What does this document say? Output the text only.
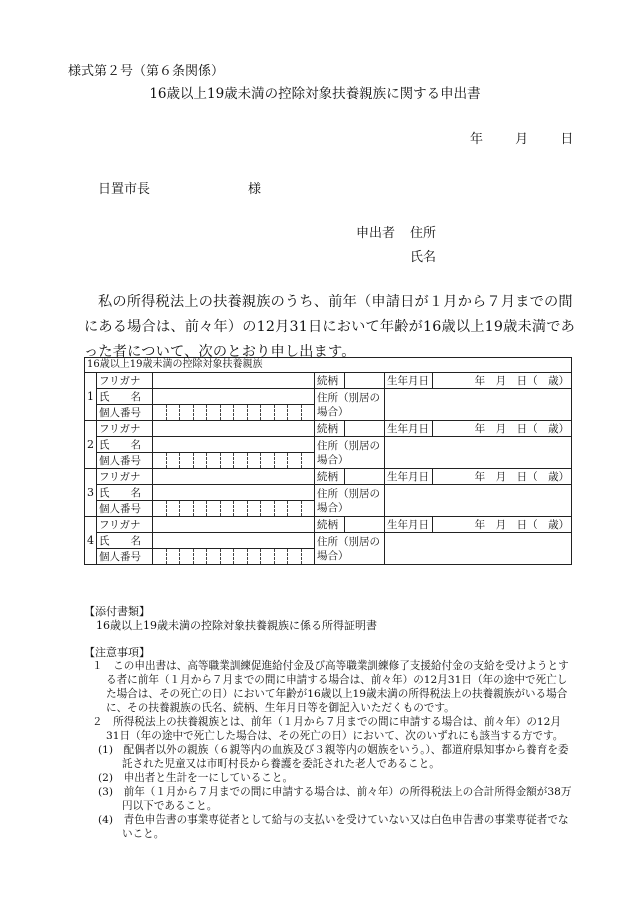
様式第２号（第６条関係）
16歳以上19歳未満の控除対象扶養親族に関する申出書
年 月 日
日置市長	様
申出者 住所
氏名
私の所得税法上の扶養親族のうち、前年（申請日が１月から７月までの間にある場合は、前々年）の12月31日において年齢が16歳以上19歳未満であった者について、次のとおり申し出ます。
16歳以上19歳未満の控除対象扶養親族						
1	フリガナ		続柄		生年月日	年　月　日（　歳）
	氏　　名		住所（別居の場合）			
	個人番号					

2	フリガナ		続柄		生年月日	年　月　日（　歳）
	氏　　名		住所（別居の場合）			
	個人番号					

3	フリガナ		続柄		生年月日	年　月　日（　歳）
	氏　　名		住所（別居の場合）			
	個人番号					

4	フリガナ		続柄		生年月日	年　月　日（　歳）
	氏　　名		住所（別居の場合）			
	個人番号					
【添付書類】
16歳以上19歳未満の控除対象扶養親族に係る所得証明書
【注意事項】

１　この申出書は、高等職業訓練促進給付金及び高等職業訓練修了支援給付金の支給を受けようとする者に前年（１月から７月までの間に申請する場合は、前々年）の12月31日（年の途中で死亡した場合は、その死亡の日）において年齢が16歳以上19歳未満の所得税法上の扶養親族がいる場合に、その扶養親族の氏名、続柄、生年月日等を御記入いただくものです。

２　所得税法上の扶養親族とは、前年（１月から７月までの間に申請する場合は、前々年）の12月31日（年の途中で死亡した場合は、その死亡の日）において、次のいずれにも該当する方です。

(1)　配偶者以外の親族（６親等内の血族及び３親等内の姻族をいう。）、都道府県知事から養育を委託された児童又は市町村長から養護を委託された老人であること。

(2)　申出者と生計を一にしていること。

(3)　前年（１月から７月までの間に申請する場合は、前々年）の所得税法上の合計所得金額が38万円以下であること。

(4)　青色申告書の事業専従者として給与の支払いを受けていない又は白色申告書の事業専従者でないこと。
